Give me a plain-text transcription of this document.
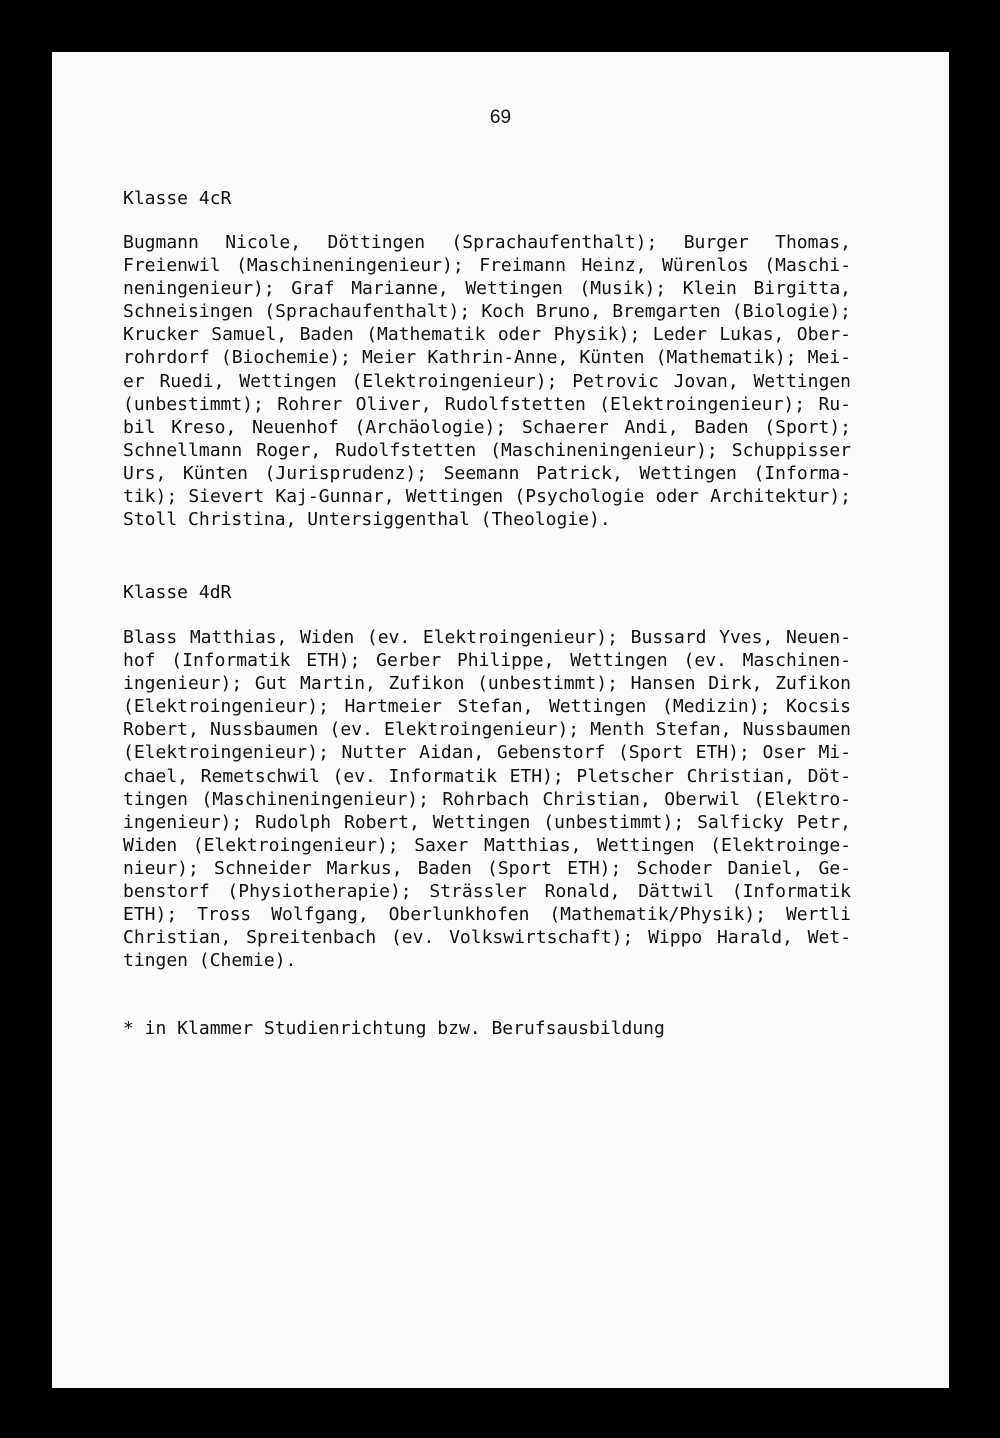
69
Klasse 4cR
Bugmann Nicole, Döttingen (Sprachaufenthalt); Burger Thomas,
Freienwil (Maschineningenieur); Freimann Heinz, Würenlos (Maschi-
neningenieur); Graf Marianne, Wettingen (Musik); Klein Birgitta,
Schneisingen (Sprachaufenthalt); Koch Bruno, Bremgarten (Biologie);
Krucker Samuel, Baden (Mathematik oder Physik); Leder Lukas, Ober-
rohrdorf (Biochemie); Meier Kathrin-Anne, Künten (Mathematik); Mei-
er Ruedi, Wettingen (Elektroingenieur); Petrovic Jovan, Wettingen
(unbestimmt); Rohrer Oliver, Rudolfstetten (Elektroingenieur); Ru-
bil Kreso, Neuenhof (Archäologie); Schaerer Andi, Baden (Sport);
Schnellmann Roger, Rudolfstetten (Maschineningenieur); Schuppisser
Urs, Künten (Jurisprudenz); Seemann Patrick, Wettingen (Informa-
tik); Sievert Kaj-Gunnar, Wettingen (Psychologie oder Architektur);
Stoll Christina, Untersiggenthal (Theologie).
Klasse 4dR
Blass Matthias, Widen (ev. Elektroingenieur); Bussard Yves, Neuen-
hof (Informatik ETH); Gerber Philippe, Wettingen (ev. Maschinen-
ingenieur); Gut Martin, Zufikon (unbestimmt); Hansen Dirk, Zufikon
(Elektroingenieur); Hartmeier Stefan, Wettingen (Medizin); Kocsis
Robert, Nussbaumen (ev. Elektroingenieur); Menth Stefan, Nussbaumen
(Elektroingenieur); Nutter Aidan, Gebenstorf (Sport ETH); Oser Mi-
chael, Remetschwil (ev. Informatik ETH); Pletscher Christian, Döt-
tingen (Maschineningenieur); Rohrbach Christian, Oberwil (Elektro-
ingenieur); Rudolph Robert, Wettingen (unbestimmt); Salficky Petr,
Widen (Elektroingenieur); Saxer Matthias, Wettingen (Elektroinge-
nieur); Schneider Markus, Baden (Sport ETH); Schoder Daniel, Ge-
benstorf (Physiotherapie); Strässler Ronald, Dättwil (Informatik
ETH); Tross Wolfgang, Oberlunkhofen (Mathematik/Physik); Wertli
Christian, Spreitenbach (ev. Volkswirtschaft); Wippo Harald, Wet-
tingen (Chemie).
* in Klammer Studienrichtung bzw. Berufsausbildung
